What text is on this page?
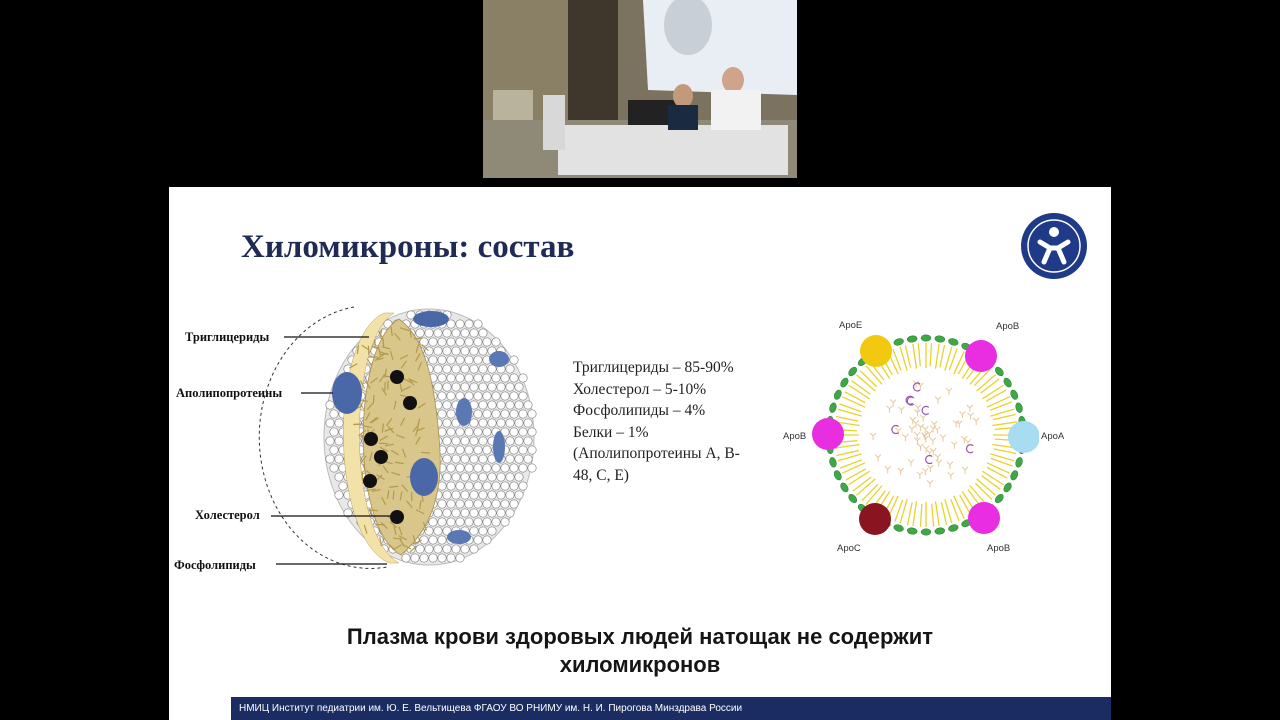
Хиломикроны: состав
Триглицериды
Аполипопротеины
Холестерол
Фосфолипиды
Триглицериды – 85-90%
Холестерол – 5-10%
Фосфолипиды – 4%
Белки – 1%
(Аполипопротеины А, В-
48, С, Е)
ApoE	ApoB
ApoB	ApoA
ApoC	ApoB

Плазма крови здоровых людей натощак не содержит
хиломикронов

НМИЦ Институт педиатрии им. Ю. Е. Вельтищева ФГАОУ ВО РНИМУ им. Н. И. Пирогова Минздрава России
